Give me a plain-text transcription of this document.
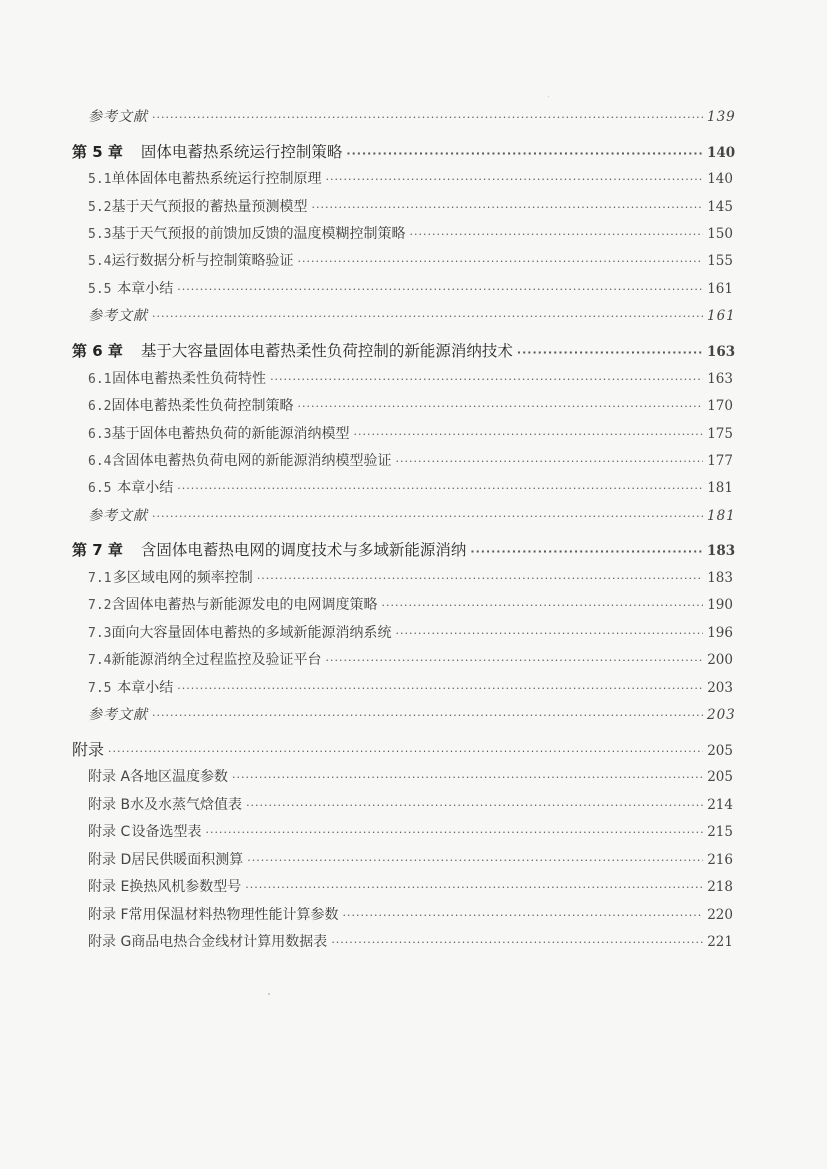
参考文献 ·····	139
第 5 章 固体电蓄热系统运行控制策略 ·····	140
5.1 单体固体电蓄热系统运行控制原理 ·····	140
5.2 基于天气预报的蓄热量预测模型 ·····	145
5.3 基于天气预报的前馈加反馈的温度模糊控制策略 ·····	150
5.4 运行数据分析与控制策略验证 ·····	155
5.5 本章小结 ·····	161
参考文献 ·····	161
第 6 章 基于大容量固体电蓄热柔性负荷控制的新能源消纳技术 ·····	163
6.1 固体电蓄热柔性负荷特性 ·····	163
6.2 固体电蓄热柔性负荷控制策略 ·····	170
6.3 基于固体电蓄热负荷的新能源消纳模型 ·····	175
6.4 含固体电蓄热负荷电网的新能源消纳模型验证 ·····	177
6.5 本章小结 ·····	181
参考文献 ·····	181
第 7 章 含固体电蓄热电网的调度技术与多域新能源消纳 ·····	183
7.1 多区域电网的频率控制 ·····	183
7.2 含固体电蓄热与新能源发电的电网调度策略 ·····	190
7.3 面向大容量固体电蓄热的多域新能源消纳系统 ·····	196
7.4 新能源消纳全过程监控及验证平台 ·····	200
7.5 本章小结 ·····	203
参考文献 ·····	203
附录 ·····	205
附录 A 各地区温度参数 ·····	205
附录 B 水及水蒸气焓值表 ·····	214
附录 C 设备选型表 ·····	215
附录 D 居民供暖面积测算 ·····	216
附录 E 换热风机参数型号 ·····	218
附录 F 常用保温材料热物理性能计算参数 ·····	220
附录 G 商品电热合金线材计算用数据表 ·····	221
